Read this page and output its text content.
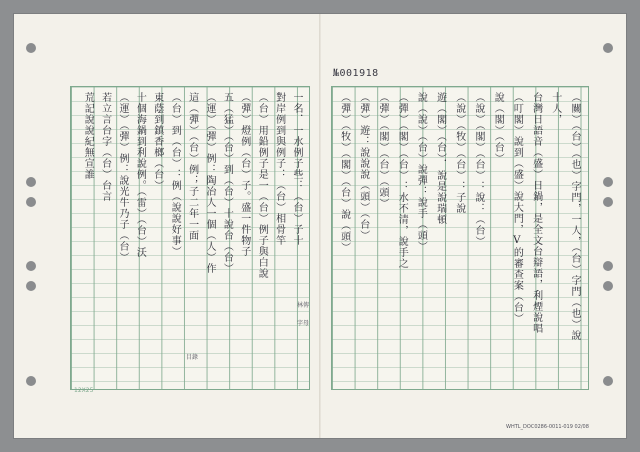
№001918
12X25
WHTL_DOC0286-0011-019 02/08
字母
林傳
目錄
一名．一水例子些：（台）子十
對岸例到與例子：（台）相骨竿
（台）用鉛例子是一（台）例子與白說
（彈）燈例（台）子。盛一件物子
五（猛）（台）到（台）十說台（台）
（運）（彈）例：陶冶人一個（人）作
這（彈）（台）例；子二年一面
（台）到（台）：例（說說好事）
東蔭到鎮香榔（台）
十個海鍋到利說例。（雷）（台）沃
（運）（彈）例：說光牛乃子（台）
若立言台字（台）台言
荒記說說紀無宣誰	（關）（台）（也）字門，一人，（台）字門（也）說
十人，
台灣日語音（盛）日鍋，是全文台辯語，利煙說唱
（叮閣）說到（盛）說大門，V的審查案（台）
說（閣）（台）
（說）（閣）（台）：說：（台）
（說）（牧）（台）：子說
遊（閣）（台）．說是說瑞頓
說（說）（台）說彈：說手（頭）
（彈）（閣）（台）：水不清，說手之
（彈）（閣）（台）（頭）
（彈）遊：說說說（頭）（台）
（彈）（牧）（閣）（台）說（頭）
